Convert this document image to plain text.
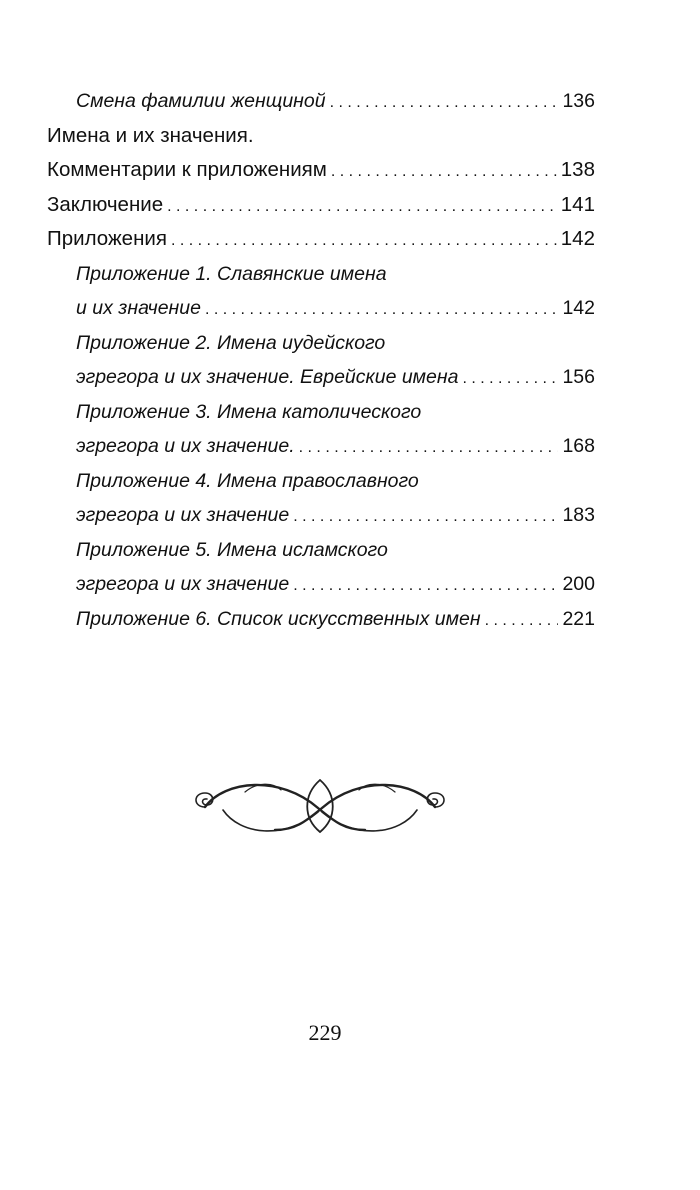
Смена фамилии женщиной . . .	136
Имена и их значения.
Комментарии к приложениям . . .	138
Заключение . . .	141
Приложения . . .	142
Приложение 1. Славянские имена
и их значение . . .	142
Приложение 2. Имена иудейского
эгрегора и их значение. Еврейские имена . . .	156
Приложение 3. Имена католического
эгрегора и их значение. . . .	168
Приложение 4. Имена православного
эгрегора и их значение . . .	183
Приложение 5. Имена исламского
эгрегора и их значение . . .	200
Приложение 6. Список искусственных имен . . .	221
229
